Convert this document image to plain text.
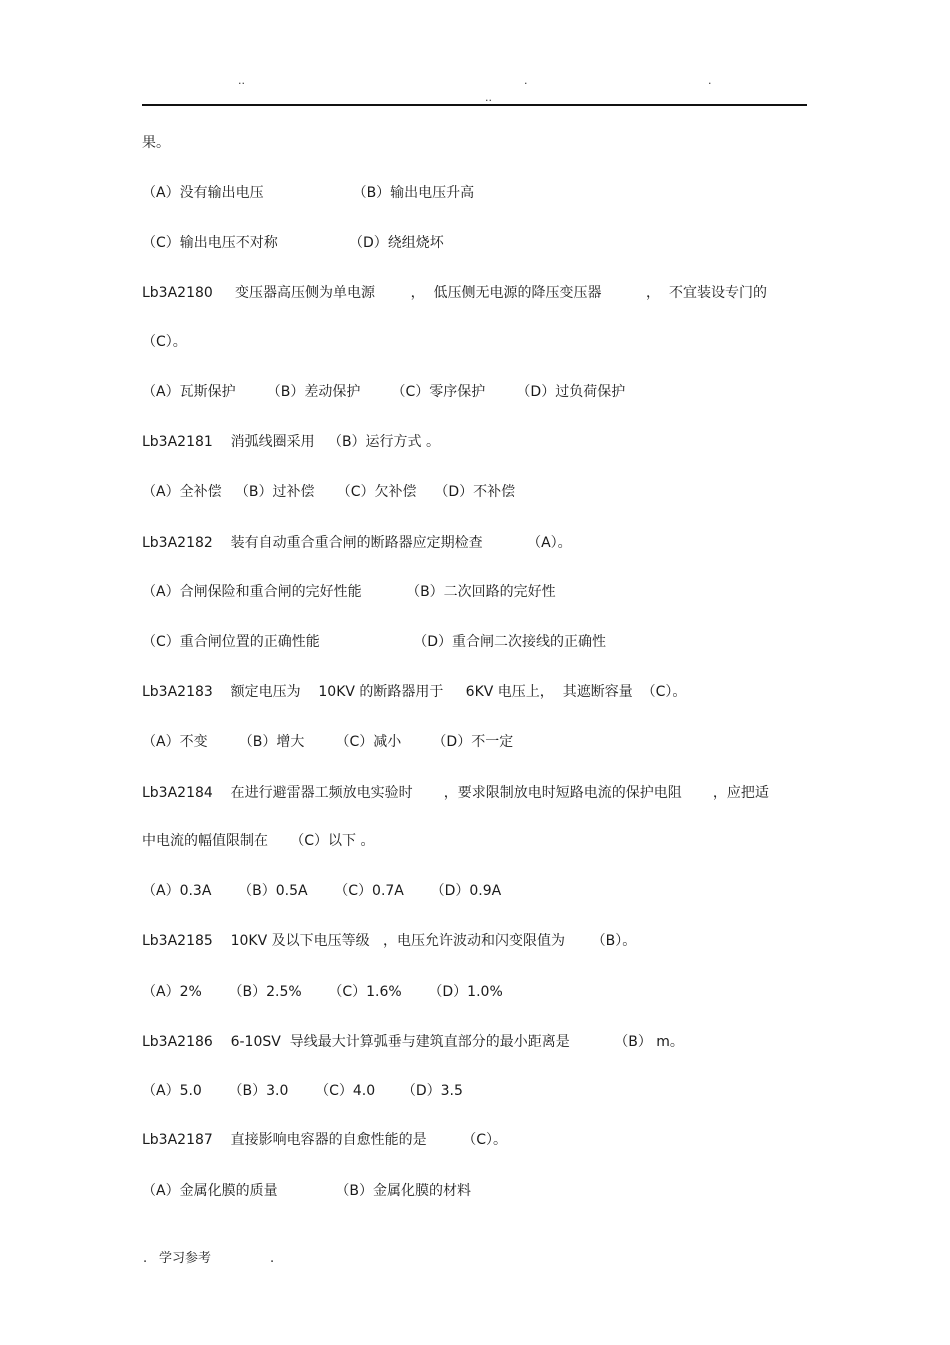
..	.	.
..
果。
（A）没有输出电压                    （B）输出电压升高
（C）输出电压不对称                （D）绕组烧坏
Lb3A2180     变压器高压侧为单电源        ，  低压侧无电源的降压变压器          ，  不宜装设专门的
（C）。
（A）瓦斯保护       （B）差动保护       （C）零序保护       （D）过负荷保护
Lb3A2181    消弧线圈采用   （B）运行方式 。
（A）全补偿   （B）过补偿     （C）欠补偿    （D）不补偿
Lb3A2182    装有自动重合重合闸的断路器应定期检查          （A）。
（A）合闸保险和重合闸的完好性能          （B）二次回路的完好性
（C）重合闸位置的正确性能                     （D）重合闸二次接线的正确性
Lb3A2183    额定电压为    10KV 的断路器用于     6KV 电压上，  其遮断容量  （C）。
（A）不变       （B）增大       （C）减小       （D）不一定
Lb3A2184    在进行避雷器工频放电实验时       ，要求限制放电时短路电流的保护电阻       ，应把适
中电流的幅值限制在     （C）以下 。
（A）0.3A      （B）0.5A      （C）0.7A      （D）0.9A
Lb3A2185    10KV 及以下电压等级   ，电压允许波动和闪变限值为      （B）。
（A）2%      （B）2.5%      （C）1.6%      （D）1.0%
Lb3A2186    6-10SV  导线最大计算弧垂与建筑直部分的最小距离是          （B） m。
（A）5.0      （B）3.0      （C）4.0      （D）3.5
Lb3A2187    直接影响电容器的自愈性能的是        （C）。
（A）金属化膜的质量             （B）金属化膜的材料
. 学习参考	.
